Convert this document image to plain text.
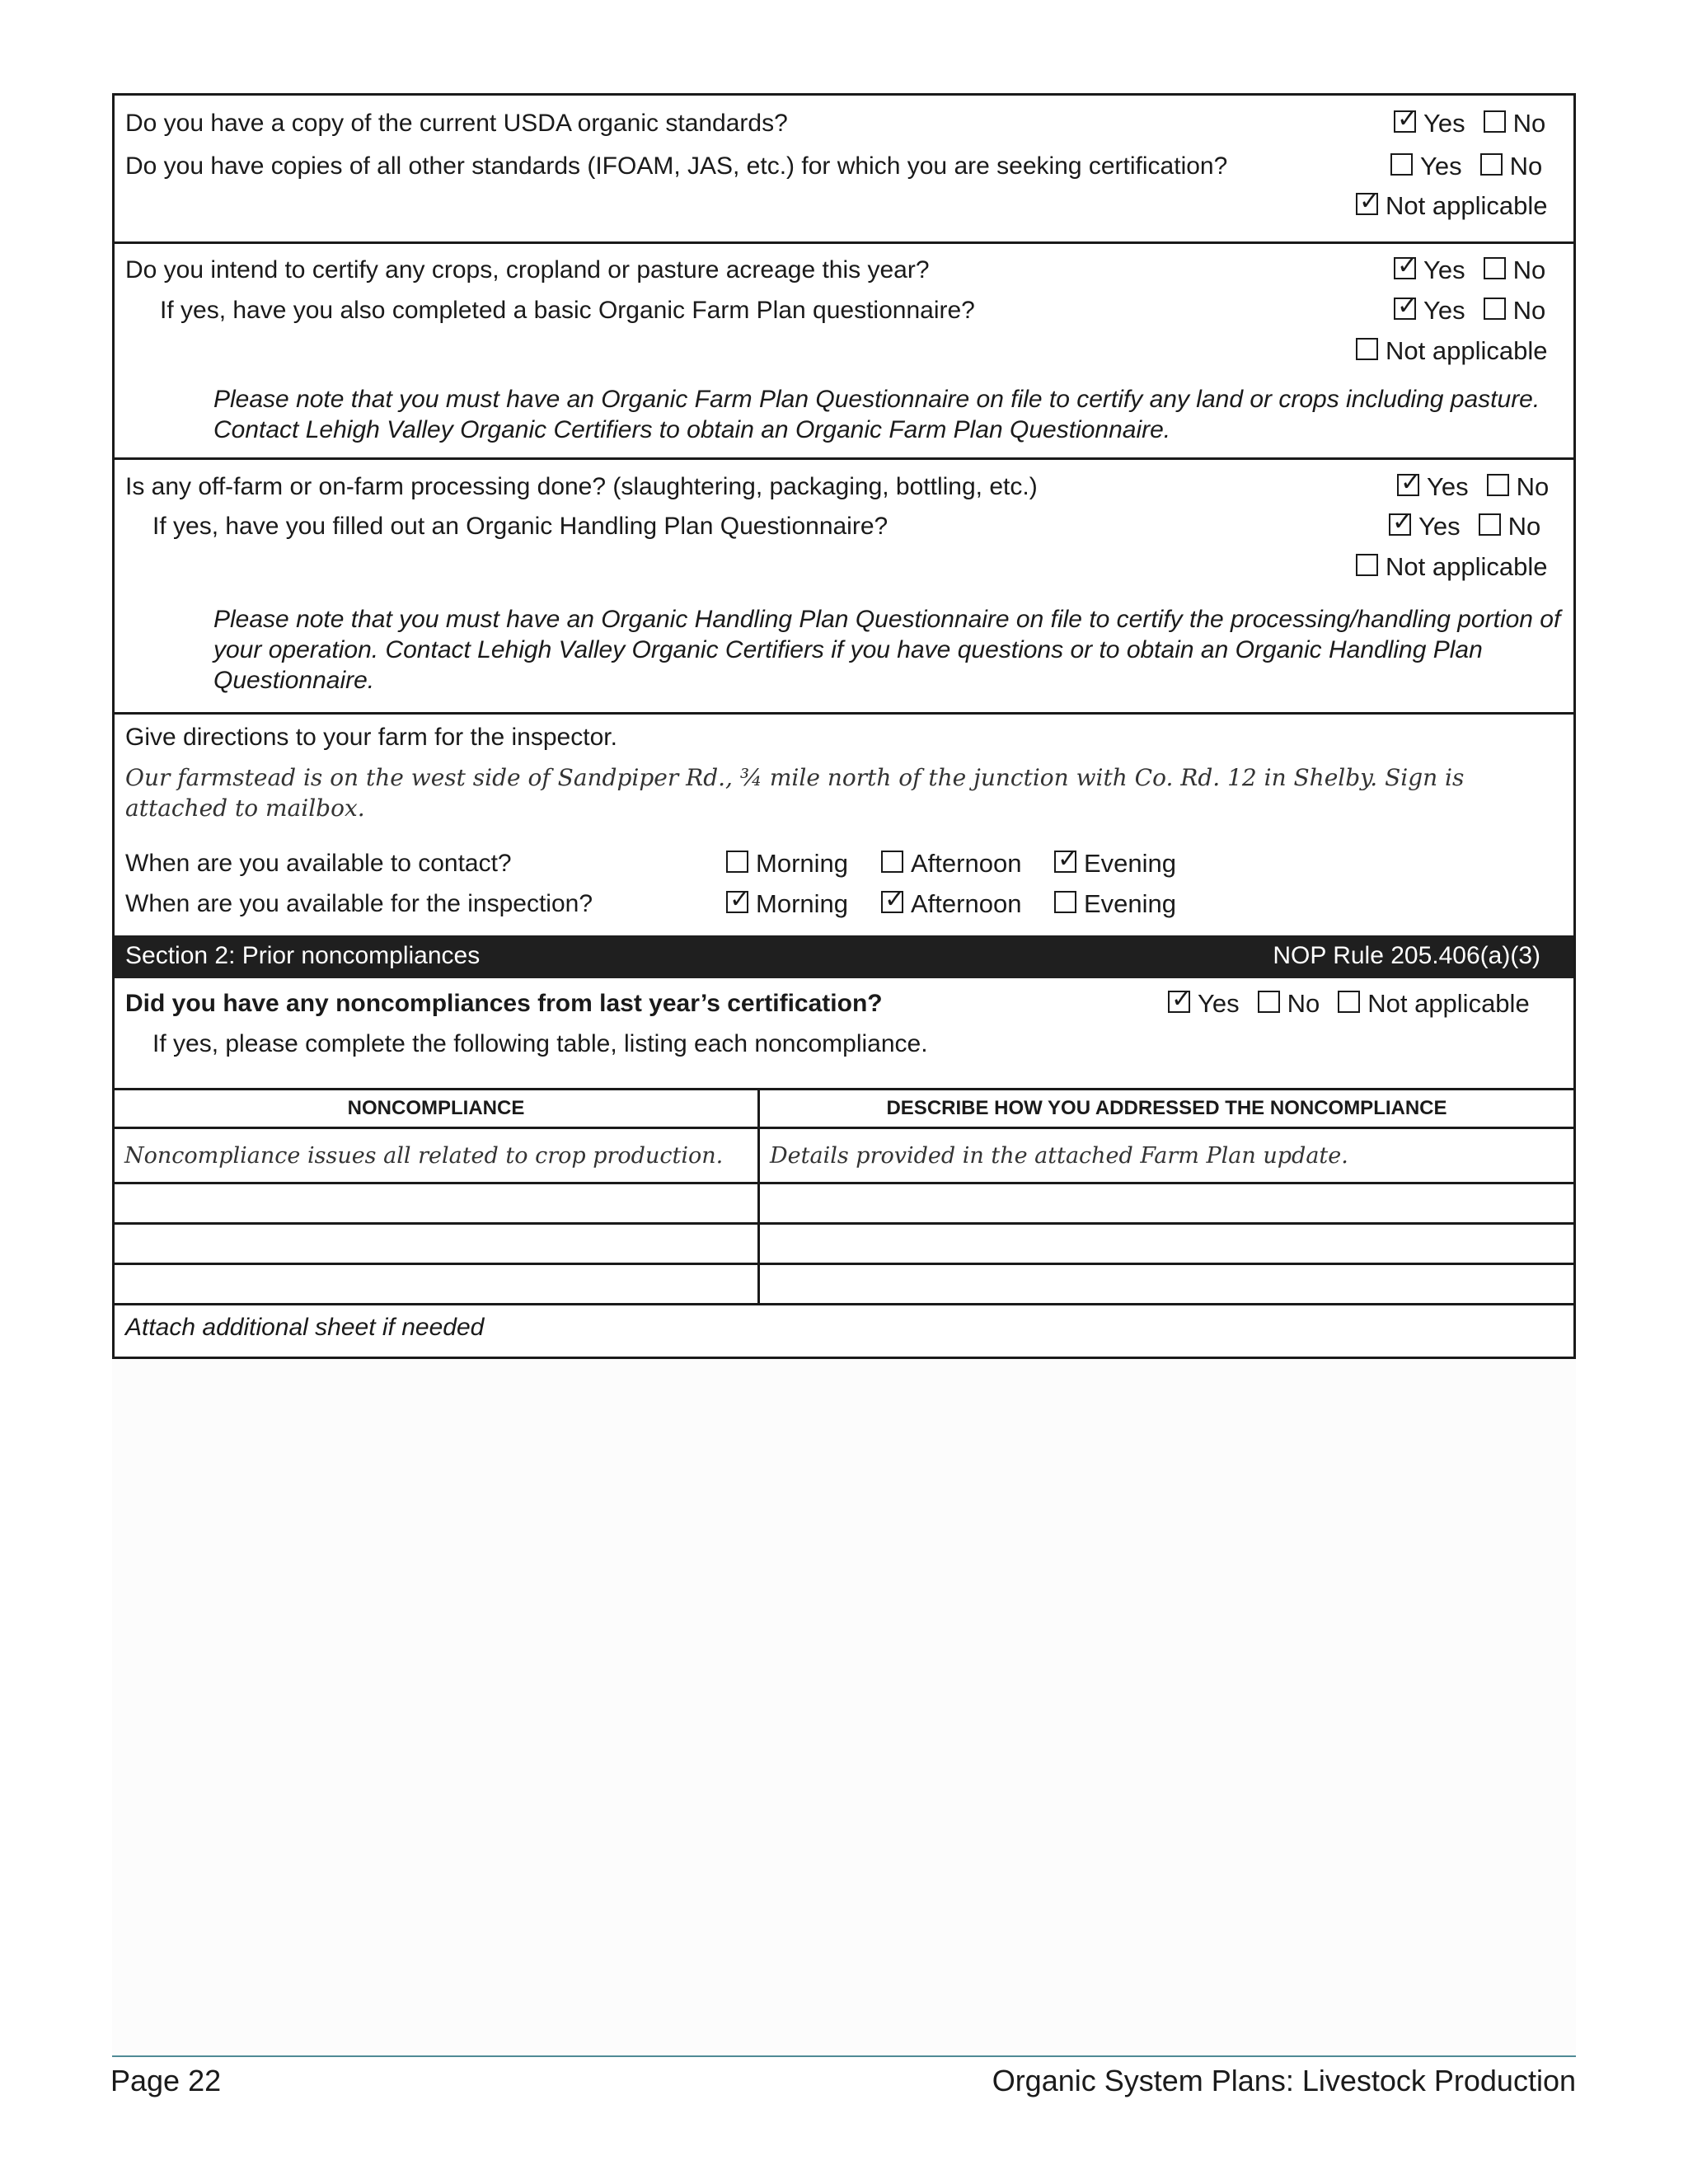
Do you have a copy of the current USDA organic standards?	✓ Yes No
Do you have copies of all other standards (IFOAM, JAS, etc.) for which you are seeking certification?	Yes No
✓ Not applicable
Do you intend to certify any crops, cropland or pasture acreage this year?	✓ Yes No
If yes, have you also completed a basic Organic Farm Plan questionnaire?	✓ Yes No
Not applicable
Please note that you must have an Organic Farm Plan Questionnaire on file to certify any land or crops including pasture. Contact Lehigh Valley Organic Certifiers to obtain an Organic Farm Plan Questionnaire.
Is any off-farm or on-farm processing done? (slaughtering, packaging, bottling, etc.)	✓ Yes No
If yes, have you filled out an Organic Handling Plan Questionnaire?	✓ Yes No
Not applicable
Please note that you must have an Organic Handling Plan Questionnaire on file to certify the processing/handling portion of your operation. Contact Lehigh Valley Organic Certifiers if you have questions or to obtain an Organic Handling Plan Questionnaire.
Give directions to your farm for the inspector.
Our farmstead is on the west side of Sandpiper Rd., ¾ mile north of the junction with Co. Rd. 12 in Shelby. Sign is attached to mailbox.
When are you available to contact?	Morning Afternoon ✓ Evening
When are you available for the inspection?	✓ Morning ✓ Afternoon Evening
Section 2: Prior noncompliances	NOP Rule 205.406(a)(3)
Did you have any noncompliances from last year’s certification?	✓ Yes No Not applicable
If yes, please complete the following table, listing each noncompliance.
NONCOMPLIANCE	DESCRIBE HOW YOU ADDRESSED THE NONCOMPLIANCE
Noncompliance issues all related to crop production.	Details provided in the attached Farm Plan update.

Attach additional sheet if needed
Page 22	Organic System Plans: Livestock Production
